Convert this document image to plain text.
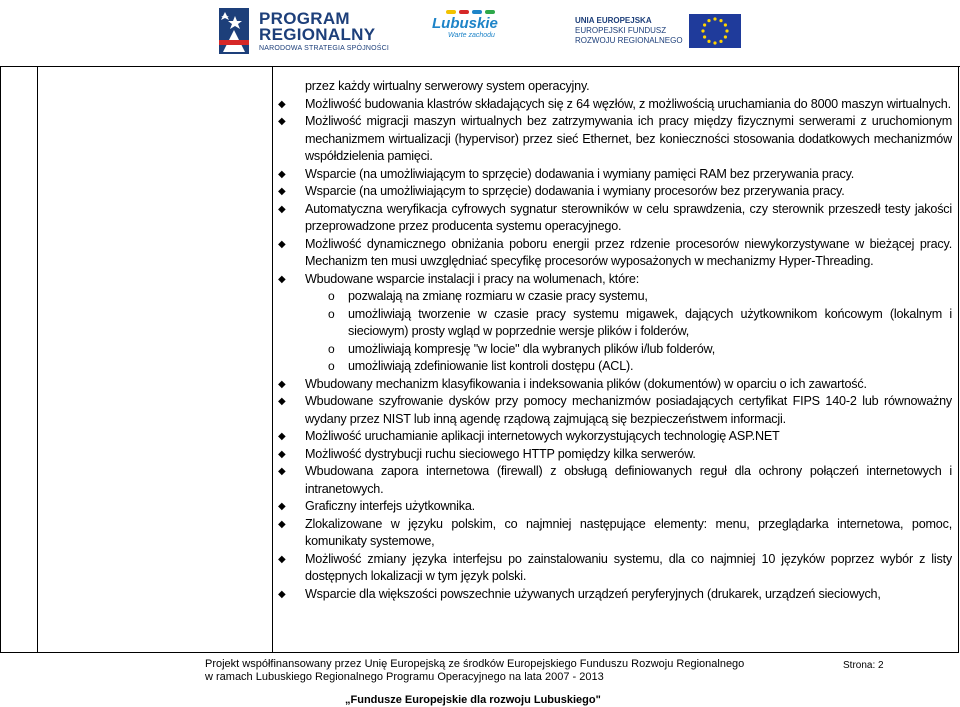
PROGRAM
REGIONALNY
NARODOWA STRATEGIA SPÓJNOŚCI
Lubuskie
Warte zachodu
UNIA EUROPEJSKA
EUROPEJSKI FUNDUSZ
ROZWOJU REGIONALNEGO
przez każdy wirtualny serwerowy system operacyjny.
◆	Możliwość budowania klastrów składających się z 64 węzłów, z możliwością uruchamiania do 8000 maszyn wirtualnych.
◆	Możliwość migracji maszyn wirtualnych bez zatrzymywania ich pracy między fizycznymi serwerami z uruchomionym mechanizmem wirtualizacji (hypervisor) przez sieć Ethernet, bez konieczności stosowania dodatkowych mechanizmów współdzielenia pamięci.
◆	Wsparcie (na umożliwiającym to sprzęcie) dodawania i wymiany pamięci RAM bez przerywania pracy.
◆	Wsparcie (na umożliwiającym to sprzęcie) dodawania i wymiany procesorów bez przerywania pracy.
◆	Automatyczna weryfikacja cyfrowych sygnatur sterowników w celu sprawdzenia, czy sterownik przeszedł testy jakości przeprowadzone przez producenta systemu operacyjnego.
◆	Możliwość dynamicznego obniżania poboru energii przez rdzenie procesorów niewykorzystywane w bieżącej pracy. Mechanizm ten musi uwzględniać specyfikę procesorów wyposażonych w mechanizmy Hyper-Threading.
◆	Wbudowane wsparcie instalacji i pracy na wolumenach, które:
o	pozwalają na zmianę rozmiaru w czasie pracy systemu,
o	umożliwiają tworzenie w czasie pracy systemu migawek, dających użytkownikom końcowym (lokalnym i sieciowym) prosty wgląd w poprzednie wersje plików i folderów,
o	umożliwiają kompresję "w locie" dla wybranych plików i/lub folderów,
o	umożliwiają zdefiniowanie list kontroli dostępu (ACL).
◆	Wbudowany mechanizm klasyfikowania i indeksowania plików (dokumentów) w oparciu o ich zawartość.
◆	Wbudowane szyfrowanie dysków przy pomocy mechanizmów posiadających certyfikat FIPS 140-2 lub równoważny wydany przez NIST lub inną agendę rządową zajmującą się bezpieczeństwem informacji.
◆	Możliwość uruchamianie aplikacji internetowych wykorzystujących technologię ASP.NET
◆	Możliwość dystrybucji ruchu sieciowego HTTP pomiędzy kilka serwerów.
◆	Wbudowana zapora internetowa (firewall) z obsługą definiowanych reguł dla ochrony połączeń internetowych i intranetowych.
◆	Graficzny interfejs użytkownika.
◆	Zlokalizowane w języku polskim, co najmniej następujące elementy: menu, przeglądarka internetowa, pomoc, komunikaty systemowe,
◆	Możliwość zmiany języka interfejsu po zainstalowaniu systemu, dla co najmniej 10 języków poprzez wybór z listy dostępnych lokalizacji w tym język polski.
◆	Wsparcie dla większości powszechnie używanych urządzeń peryferyjnych (drukarek, urządzeń sieciowych,
Projekt współfinansowany przez Unię Europejską ze środków Europejskiego Funduszu Rozwoju Regionalnego
w ramach Lubuskiego Regionalnego Programu Operacyjnego na lata 2007 - 2013
„Fundusze Europejskie dla rozwoju Lubuskiego"
Strona: 2
